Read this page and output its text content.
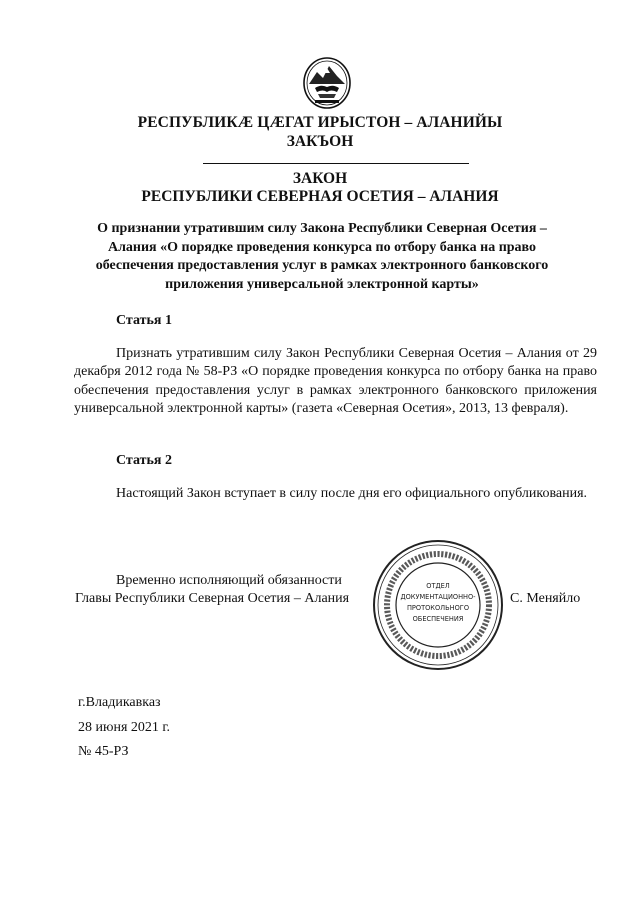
РЕСПУБЛИКÆ ЦÆГАТ ИРЫСТОН – АЛАНИЙЫ
ЗАКЪОН
ЗАКОН
РЕСПУБЛИКИ СЕВЕРНАЯ ОСЕТИЯ – АЛАНИЯ
О признании утратившим силу Закона Республики Северная Осетия – Алания «О порядке проведения конкурса по отбору банка на право обеспечения предоставления услуг в рамках электронного банковского приложения универсальной электронной карты»
Статья 1
Признать утратившим силу Закон Республики Северная Осетия – Алания от 29 декабря 2012 года № 58-РЗ «О порядке проведения конкурса по отбору банка на право обеспечения предоставления услуг в рамках электронного банковского приложения универсальной электронной карты» (газета «Северная Осетия», 2013, 13 февраля).
Статья 2
Настоящий Закон вступает в силу после дня его официального опубликования.
Временно исполняющий обязанности
Главы Республики Северная Осетия – Алания
ОТДЕЛ
ДОКУМЕНТАЦИОННО-
ПРОТОКОЛЬНОГО
ОБЕСПЕЧЕНИЯ
С. Меняйло
г.Владикавказ
28 июня 2021 г.
№ 45-РЗ
